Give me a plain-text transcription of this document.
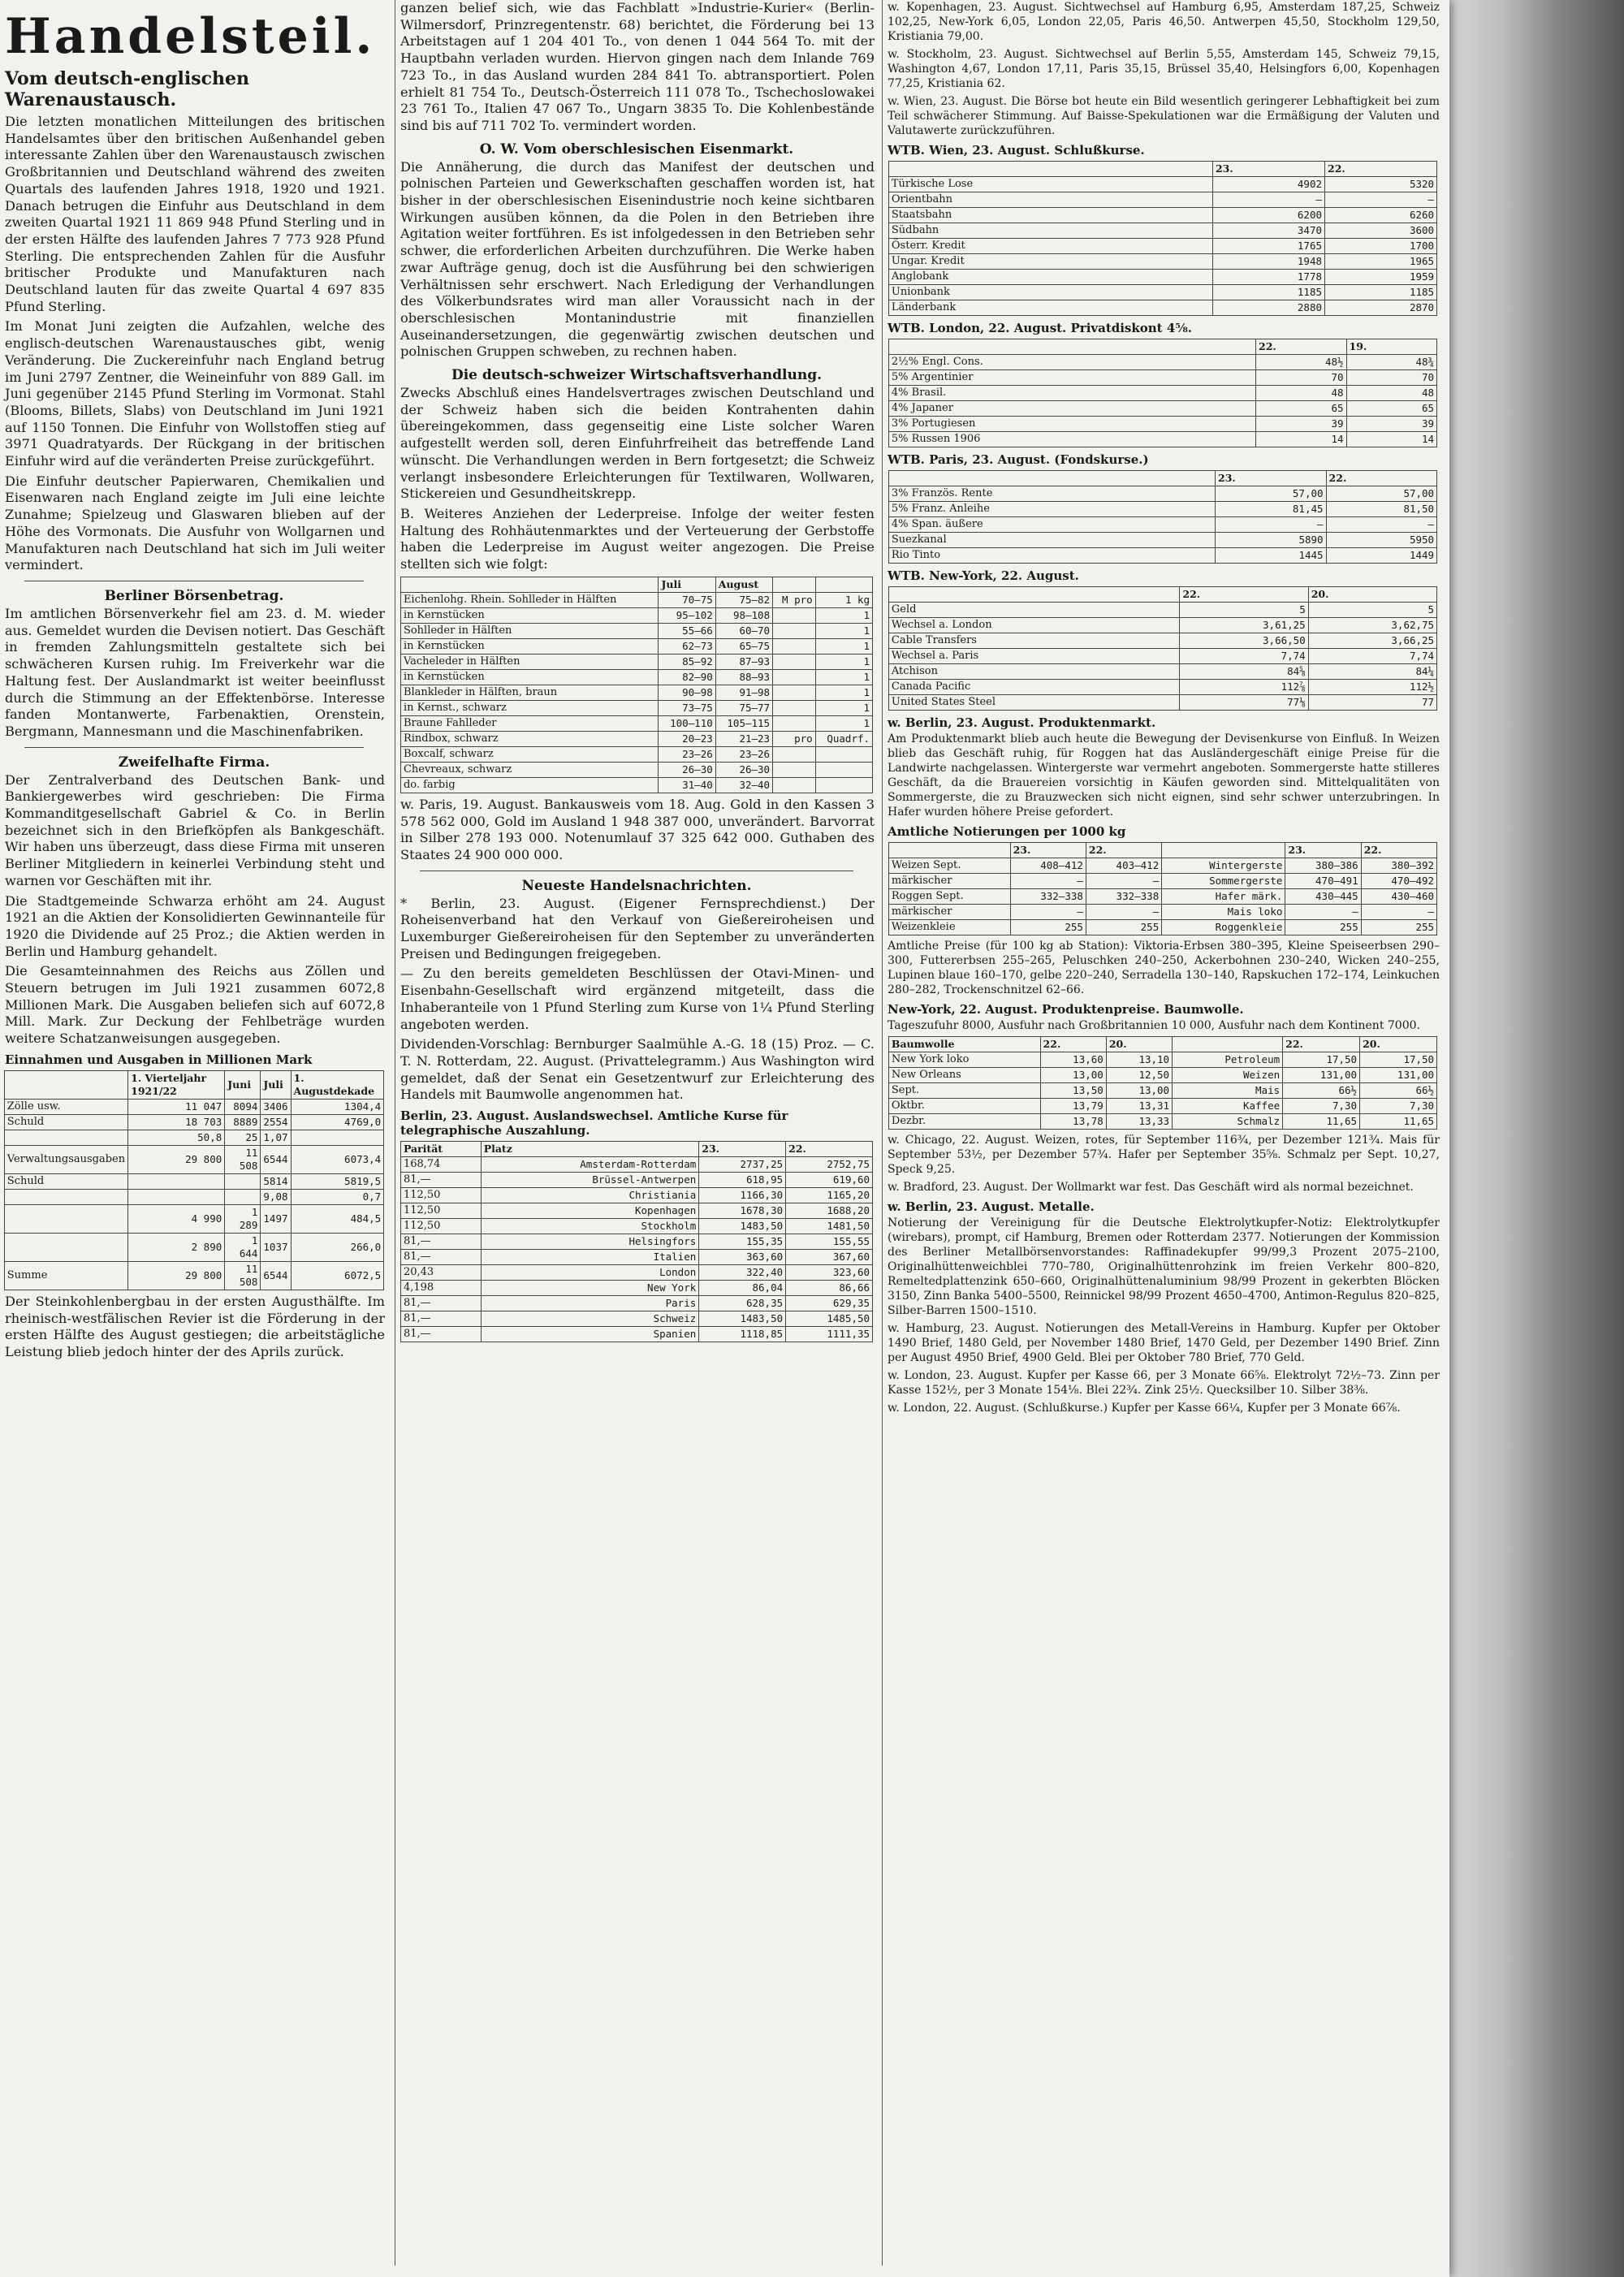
Handelsteil.
Vom deutsch-englischen Warenaustausch.

Die letzten monatlichen Mitteilungen des britischen Handelsamtes über den britischen Außenhandel geben interessante Zahlen über den Warenaustausch zwischen Großbritannien und Deutschland während des zweiten Quartals des laufenden Jahres 1918, 1920 und 1921. Danach betrugen die Einfuhr aus Deutschland in dem zweiten Quartal 1921 11 869 948 Pfund Sterling und in der ersten Hälfte des laufenden Jahres 7 773 928 Pfund Sterling. Die entsprechenden Zahlen für die Ausfuhr britischer Produkte und Manufakturen nach Deutschland lauten für das zweite Quartal 4 697 835 Pfund Sterling.

Im Monat Juni zeigten die Aufzahlen, welche des englisch-deutschen Warenaustausches gibt, wenig Veränderung. Die Zuckereinfuhr nach England betrug im Juni 2797 Zentner, die Weineinfuhr von 889 Gall. im Juni gegenüber 2145 Pfund Sterling im Vormonat. Stahl (Blooms, Billets, Slabs) von Deutschland im Juni 1921 auf 1150 Tonnen. Die Einfuhr von Wollstoffen stieg auf 3971 Quadratyards. Der Rückgang in der britischen Einfuhr wird auf die veränderten Preise zurückgeführt.

Die Einfuhr deutscher Papierwaren, Chemikalien und Eisenwaren nach England zeigte im Juli eine leichte Zunahme; Spielzeug und Glaswaren blieben auf der Höhe des Vormonats. Die Ausfuhr von Wollgarnen und Manufakturen nach Deutschland hat sich im Juli weiter vermindert.

Berliner Börsenbetrag.

Im amtlichen Börsenverkehr fiel am 23. d. M. wieder aus. Gemeldet wurden die Devisen notiert. Das Geschäft in fremden Zahlungsmitteln gestaltete sich bei schwächeren Kursen ruhig. Im Freiverkehr war die Haltung fest. Der Auslandmarkt ist weiter beeinflusst durch die Stimmung an der Effektenbörse. Interesse fanden Montanwerte, Farbenaktien, Orenstein, Bergmann, Mannesmann und die Maschinenfabriken.

Zweifelhafte Firma.

Der Zentralverband des Deutschen Bank- und Bankiergewerbes wird geschrieben: Die Firma Kommanditgesellschaft Gabriel & Co. in Berlin bezeichnet sich in den Briefköpfen als Bankgeschäft. Wir haben uns überzeugt, dass diese Firma mit unseren Berliner Mitgliedern in keinerlei Verbindung steht und warnen vor Geschäften mit ihr.

Die Stadtgemeinde Schwarza erhöht am 24. August 1921 an die Aktien der Konsolidierten Gewinnanteile für 1920 die Dividende auf 25 Proz.; die Aktien werden in Berlin und Hamburg gehandelt.

Die Gesamteinnahmen des Reichs aus Zöllen und Steuern betrugen im Juli 1921 zusammen 6072,8 Millionen Mark. Die Ausgaben beliefen sich auf 6072,8 Mill. Mark. Zur Deckung der Fehlbeträge wurden weitere Schatzanweisungen ausgegeben.

Einnahmen und Ausgaben in Millionen Mark
	1. Vierteljahr 1921/22	Juni	Juli	1. Augustdekade
Zölle usw.	11 047	8094	3406	1304,4
Schuld	18 703	8889	2554	4769,0
	50,8	25	1,07	
Verwaltungsausgaben	29 800	11 508	6544	6073,4
Schuld			5814	5819,5
			9,08	0,7
	4 990	1 289	1497	484,5
	2 890	1 644	1037	266,0
Summe	29 800	11 508	6544	6072,5

Der Steinkohlenbergbau in der ersten Augusthälfte. Im rheinisch-westfälischen Revier ist die Förderung in der ersten Hälfte des August gestiegen; die arbeitstägliche Leistung blieb jedoch hinter der des Aprils zurück.

ganzen belief sich, wie das Fachblatt »Industrie-Kurier« (Berlin-Wilmersdorf, Prinzregentenstr. 68) berichtet, die Förderung bei 13 Arbeitstagen auf 1 204 401 To., von denen 1 044 564 To. mit der Hauptbahn verladen wurden. Hiervon gingen nach dem Inlande 769 723 To., in das Ausland wurden 284 841 To. abtransportiert. Polen erhielt 81 754 To., Deutsch-Österreich 111 078 To., Tschechoslowakei 23 761 To., Italien 47 067 To., Ungarn 3835 To. Die Kohlenbestände sind bis auf 711 702 To. vermindert worden.

O. W. Vom oberschlesischen Eisenmarkt.

Die Annäherung, die durch das Manifest der deutschen und polnischen Parteien und Gewerkschaften geschaffen worden ist, hat bisher in der oberschlesischen Eisenindustrie noch keine sichtbaren Wirkungen ausüben können, da die Polen in den Betrieben ihre Agitation weiter fortführen. Es ist infolgedessen in den Betrieben sehr schwer, die erforderlichen Arbeiten durchzuführen. Die Werke haben zwar Aufträge genug, doch ist die Ausführung bei den schwierigen Verhältnissen sehr erschwert. Nach Erledigung der Verhandlungen des Völkerbundsrates wird man aller Voraussicht nach in der oberschlesischen Montanindustrie mit finanziellen Auseinandersetzungen, die gegenwärtig zwischen deutschen und polnischen Gruppen schweben, zu rechnen haben.

Die deutsch-schweizer Wirtschaftsverhandlung.

Zwecks Abschluß eines Handelsvertrages zwischen Deutschland und der Schweiz haben sich die beiden Kontrahenten dahin übereingekommen, dass gegenseitig eine Liste solcher Waren aufgestellt werden soll, deren Einfuhrfreiheit das betreffende Land wünscht. Die Verhandlungen werden in Bern fortgesetzt; die Schweiz verlangt insbesondere Erleichterungen für Textilwaren, Wollwaren, Stickereien und Gesundheitskrepp.

B. Weiteres Anziehen der Lederpreise. Infolge der weiter festen Haltung des Rohhäutenmarktes und der Verteuerung der Gerbstoffe haben die Lederpreise im August weiter angezogen. Die Preise stellten sich wie folgt:

	Juli	August		
Eichenlohg. Rhein. Sohlleder in Hälften	70–75	75–82	M pro	1 kg
in Kernstücken	95–102	98–108		1
Sohlleder in Hälften	55–66	60–70		1
in Kernstücken	62–73	65–75		1
Vacheleder in Hälften	85–92	87–93		1
in Kernstücken	82–90	88–93		1
Blankleder in Hälften, braun	90–98	91–98		1
in Kernst., schwarz	73–75	75–77		1
Braune Fahlleder	100–110	105–115		1
Rindbox, schwarz	20–23	21–23	pro	Quadrf.
Boxcalf, schwarz	23–26	23–26		
Chevreaux, schwarz	26–30	26–30		
do. farbig	31–40	32–40		

w. Paris, 19. August. Bankausweis vom 18. Aug. Gold in den Kassen 3 578 562 000, Gold im Ausland 1 948 387 000, unverändert. Barvorrat in Silber 278 193 000. Notenumlauf 37 325 642 000. Guthaben des Staates 24 900 000 000.

Neueste Handelsnachrichten.

* Berlin, 23. August. (Eigener Fernsprechdienst.) Der Roheisenverband hat den Verkauf von Gießereiroheisen und Luxemburger Gießereiroheisen für den September zu unveränderten Preisen und Bedingungen freigegeben.

— Zu den bereits gemeldeten Beschlüssen der Otavi-Minen- und Eisenbahn-Gesellschaft wird ergänzend mitgeteilt, dass die Inhaberanteile von 1 Pfund Sterling zum Kurse von 1¼ Pfund Sterling angeboten werden.

Dividenden-Vorschlag: Bernburger Saalmühle A.-G. 18 (15) Proz. — C. T. N. Rotterdam, 22. August. (Privattelegramm.) Aus Washington wird gemeldet, daß der Senat ein Gesetzentwurf zur Erleichterung des Handels mit Baumwolle angenommen hat.

Berlin, 23. August. Auslandswechsel. Amtliche Kurse für telegraphische Auszahlung.
Parität	Platz	23.	22.
168,74	Amsterdam-Rotterdam	2737,25	2752,75
81,—	Brüssel-Antwerpen	618,95	619,60
112,50	Christiania	1166,30	1165,20
112,50	Kopenhagen	1678,30	1688,20
112,50	Stockholm	1483,50	1481,50
81,—	Helsingfors	155,35	155,55
81,—	Italien	363,60	367,60
20,43	London	322,40	323,60
4,198	New York	86,04	86,66
81,—	Paris	628,35	629,35
81,—	Schweiz	1483,50	1485,50
81,—	Spanien	1118,85	1111,35

w. Kopenhagen, 23. August. Sichtwechsel auf Hamburg 6,95, Amsterdam 187,25, Schweiz 102,25, New-York 6,05, London 22,05, Paris 46,50. Antwerpen 45,50, Stockholm 129,50, Kristiania 79,00.

w. Stockholm, 23. August. Sichtwechsel auf Berlin 5,55, Amsterdam 145, Schweiz 79,15, Washington 4,67, London 17,11, Paris 35,15, Brüssel 35,40, Helsingfors 6,00, Kopenhagen 77,25, Kristiania 62.

w. Wien, 23. August. Die Börse bot heute ein Bild wesentlich geringerer Lebhaftigkeit bei zum Teil schwächerer Stimmung. Auf Baisse-Spekulationen war die Ermäßigung der Valuten und Valutawerte zurückzuführen.

WTB. Wien, 23. August. Schlußkurse.
	23.	22.
Türkische Lose	4902	5320
Orientbahn	—	—
Staatsbahn	6200	6260
Südbahn	3470	3600
Österr. Kredit	1765	1700
Ungar. Kredit	1948	1965
Anglobank	1778	1959
Unionbank	1185	1185
Länderbank	2880	2870
WTB. London, 22. August. Privatdiskont 4⅝.
	22.	19.
2½% Engl. Cons.	48½	48¾
5% Argentinier	70	70
4% Brasil.	48	48
4% Japaner	65	65
3% Portugiesen	39	39
5% Russen 1906	14	14
WTB. Paris, 23. August. (Fondskurse.)
	23.	22.
3% Französ. Rente	57,00	57,00
5% Franz. Anleihe	81,45	81,50
4% Span. äußere	—	—
Suezkanal	5890	5950
Rio Tinto	1445	1449
WTB. New-York, 22. August.
	22.	20.
Geld	5	5
Wechsel a. London	3,61,25	3,62,75
Cable Transfers	3,66,50	3,66,25
Wechsel a. Paris	7,74	7,74
Atchison	84⅝	84¼
Canada Pacific	112⅞	112½
United States Steel	77⅛	77
w. Berlin, 23. August. Produktenmarkt.

Am Produktenmarkt blieb auch heute die Bewegung der Devisenkurse von Einfluß. In Weizen blieb das Geschäft ruhig, für Roggen hat das Ausländergeschäft einige Preise für die Landwirte nachgelassen. Wintergerste war vermehrt angeboten. Sommergerste hatte stilleres Geschäft, da die Brauereien vorsichtig in Käufen geworden sind. Mittelqualitäten von Sommergerste, die zu Brauzwecken sich nicht eignen, sind sehr schwer unterzubringen. In Hafer wurden höhere Preise gefordert.

Amtliche Notierungen per 1000 kg
	23.	22.		23.	22.
Weizen Sept.	408–412	403–412	Wintergerste	380–386	380–392
märkischer	—	—	Sommergerste	470–491	470–492
Roggen Sept.	332–338	332–338	Hafer märk.	430–445	430–460
märkischer	—	—	Mais loko	—	—
Weizenkleie	255	255	Roggenkleie	255	255

Amtliche Preise (für 100 kg ab Station): Viktoria-Erbsen 380–395, Kleine Speiseerbsen 290–300, Futtererbsen 255–265, Peluschken 240–250, Ackerbohnen 230–240, Wicken 240–255, Lupinen blaue 160–170, gelbe 220–240, Serradella 130–140, Rapskuchen 172–174, Leinkuchen 280–282, Trockenschnitzel 62–66.

New-York, 22. August. Produktenpreise. Baumwolle.

Tageszufuhr 8000, Ausfuhr nach Großbritannien 10 000, Ausfuhr nach dem Kontinent 7000.

Baumwolle	22.	20.		22.	20.
New York loko	13,60	13,10	Petroleum	17,50	17,50
New Orleans	13,00	12,50	Weizen	131,00	131,00
Sept.	13,50	13,00	Mais	66½	66½
Oktbr.	13,79	13,31	Kaffee	7,30	7,30
Dezbr.	13,78	13,33	Schmalz	11,65	11,65

w. Chicago, 22. August. Weizen, rotes, für September 116¾, per Dezember 121¾. Mais für September 53½, per Dezember 57¾. Hafer per September 35⅝. Schmalz per Sept. 10,27, Speck 9,25.

w. Bradford, 23. August. Der Wollmarkt war fest. Das Geschäft wird als normal bezeichnet.

w. Berlin, 23. August. Metalle.

Notierung der Vereinigung für die Deutsche Elektrolytkupfer-Notiz: Elektrolytkupfer (wirebars), prompt, cif Hamburg, Bremen oder Rotterdam 2377. Notierungen der Kommission des Berliner Metallbörsenvorstandes: Raffinadekupfer 99/99,3 Prozent 2075–2100, Originalhüttenweichblei 770–780, Originalhüttenrohzink im freien Verkehr 800–820, Remeltedplattenzink 650–660, Originalhüttenaluminium 98/99 Prozent in gekerbten Blöcken 3150, Zinn Banka 5400–5500, Reinnickel 98/99 Prozent 4650–4700, Antimon-Regulus 820–825, Silber-Barren 1500–1510.

w. Hamburg, 23. August. Notierungen des Metall-Vereins in Hamburg. Kupfer per Oktober 1490 Brief, 1480 Geld, per November 1480 Brief, 1470 Geld, per Dezember 1490 Brief. Zinn per August 4950 Brief, 4900 Geld. Blei per Oktober 780 Brief, 770 Geld.

w. London, 23. August. Kupfer per Kasse 66, per 3 Monate 66⅝. Elektrolyt 72½–73. Zinn per Kasse 152½, per 3 Monate 154⅛. Blei 22¾. Zink 25½. Quecksilber 10. Silber 38⅜.

w. London, 22. August. (Schlußkurse.) Kupfer per Kasse 66¼, Kupfer per 3 Monate 66⅞.
